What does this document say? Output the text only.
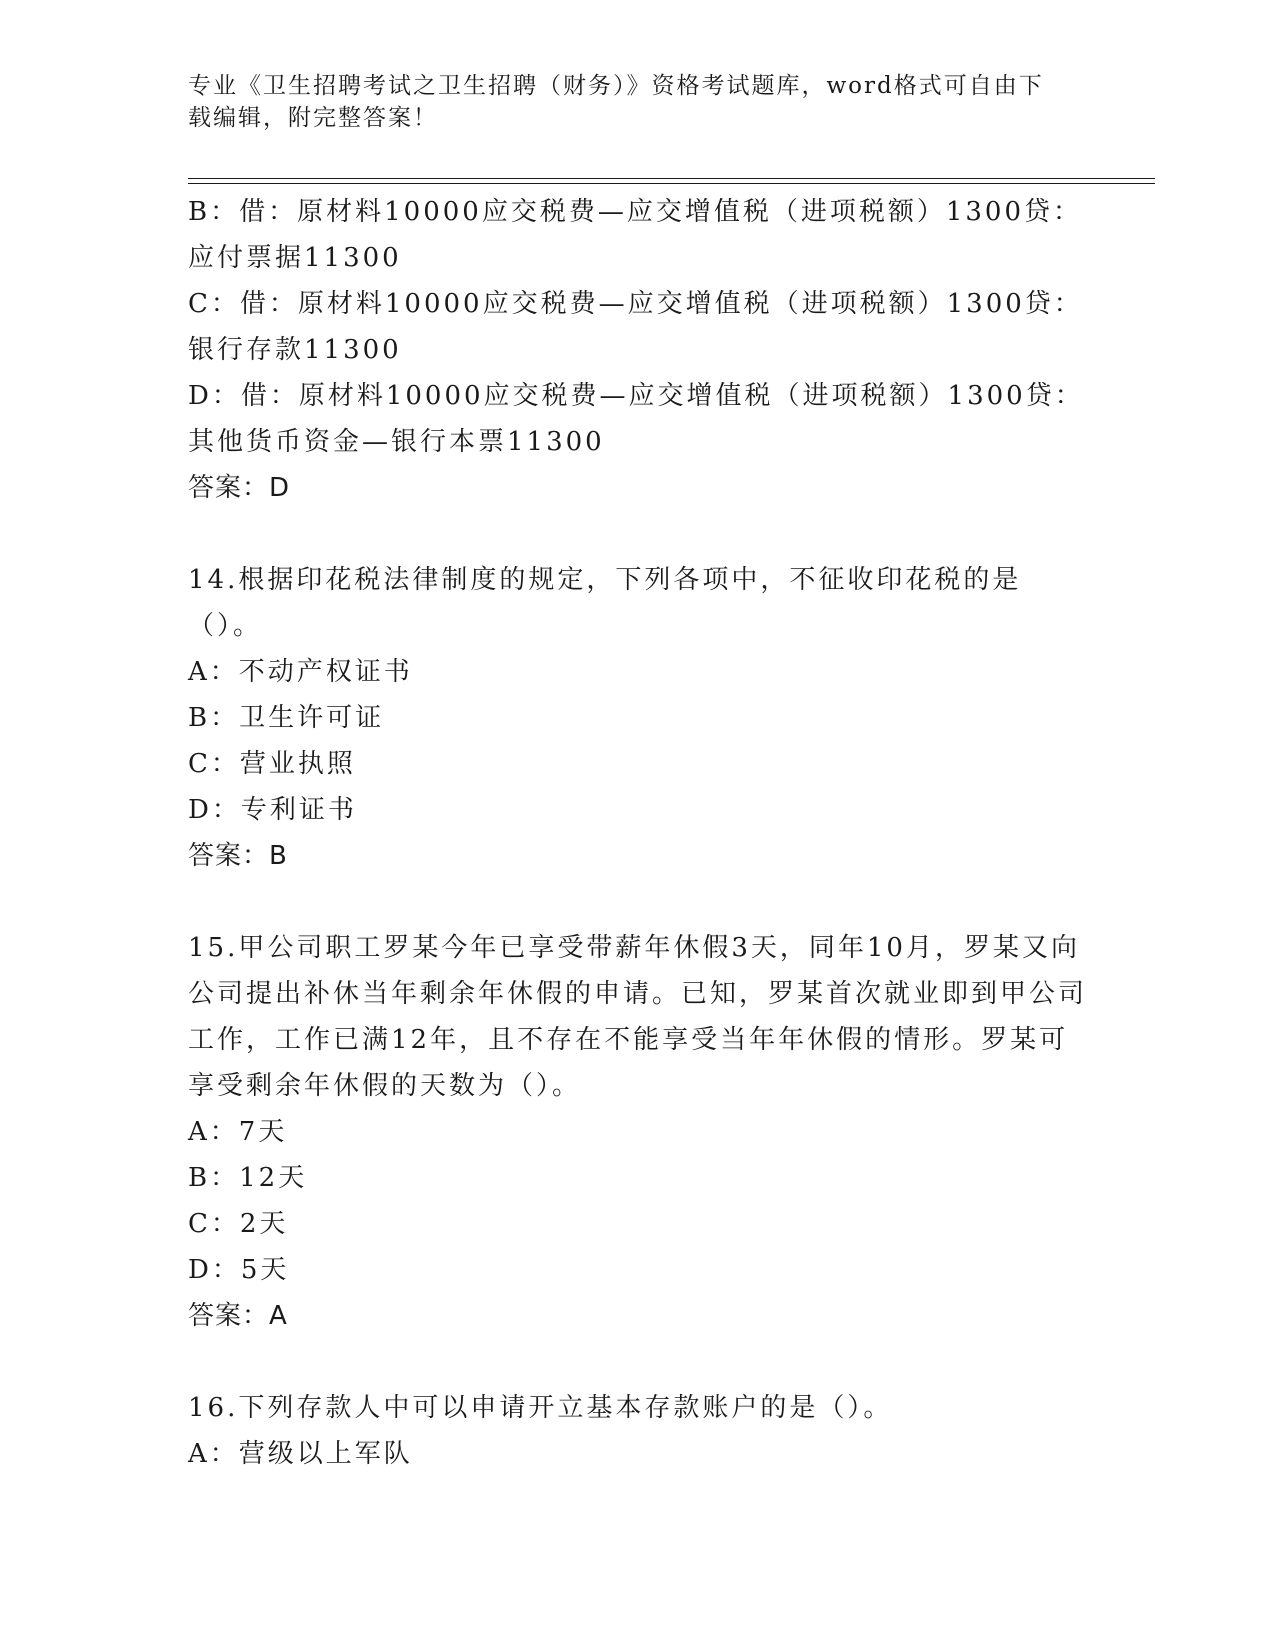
专业《卫生招聘考试之卫生招聘（财务）》资格考试题库，word格式可自由下载编辑，附完整答案！

B：借：原材料10000应交税费—应交增值税（进项税额）1300贷：应付票据11300

C：借：原材料10000应交税费—应交增值税（进项税额）1300贷：银行存款11300

D：借：原材料10000应交税费—应交增值税（进项税额）1300贷：其他货币资金—银行本票11300

答案：D

14.根据印花税法律制度的规定，下列各项中，不征收印花税的是（）。

A：不动产权证书

B：卫生许可证

C：营业执照

D：专利证书

答案：B

15.甲公司职工罗某今年已享受带薪年休假3天，同年10月，罗某又向公司提出补休当年剩余年休假的申请。已知，罗某首次就业即到甲公司工作，工作已满12年，且不存在不能享受当年年休假的情形。罗某可享受剩余年休假的天数为（）。

A：7天

B：12天

C：2天

D：5天

答案：A

16.下列存款人中可以申请开立基本存款账户的是（）。

A：营级以上军队
